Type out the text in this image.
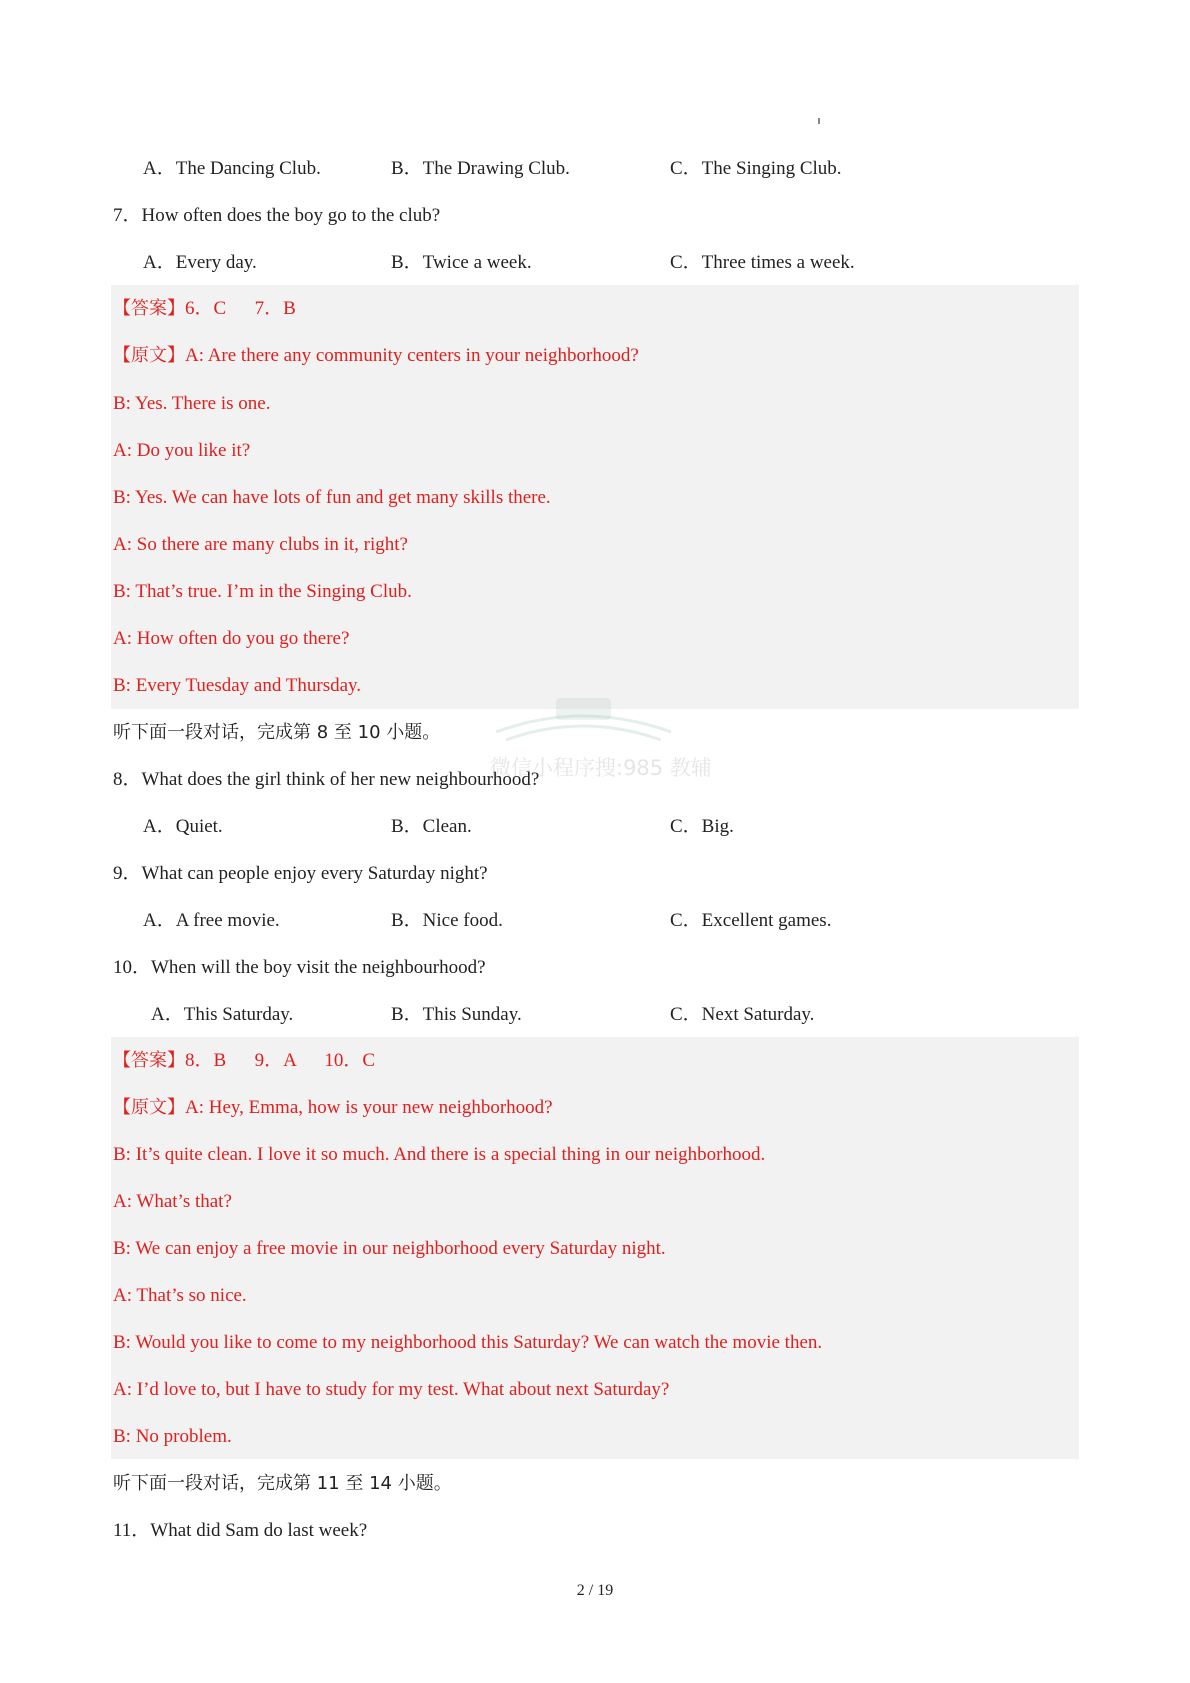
A．The Dancing Club.	B．The Drawing Club.	C．The Singing Club.
7．How often does the boy go to the club?
A．Every day.	B．Twice a week.	C．Three times a week.
【答案】6．C      7．B
【原文】A: Are there any community centers in your neighborhood?
B: Yes. There is one.
A: Do you like it?
B: Yes. We can have lots of fun and get many skills there.
A: So there are many clubs in it, right?
B: That’s true. I’m in the Singing Club.
A: How often do you go there?
B: Every Tuesday and Thursday.
微信小程序搜:985 教辅
听下面一段对话，完成第 8 至 10 小题。
8．What does the girl think of her new neighbourhood?
A．Quiet.	B．Clean.	C．Big.
9．What can people enjoy every Saturday night?
A．A free movie.	B．Nice food.	C．Excellent games.
10．When will the boy visit the neighbourhood?
A．This Saturday.	B．This Sunday.	C．Next Saturday.
【答案】8．B      9．A      10．C
【原文】A: Hey, Emma, how is your new neighborhood?
B: It’s quite clean. I love it so much. And there is a special thing in our neighborhood.
A: What’s that?
B: We can enjoy a free movie in our neighborhood every Saturday night.
A: That’s so nice.
B: Would you like to come to my neighborhood this Saturday? We can watch the movie then.
A: I’d love to, but I have to study for my test. What about next Saturday?
B: No problem.
听下面一段对话，完成第 11 至 14 小题。
11．What did Sam do last week?
2 / 19
